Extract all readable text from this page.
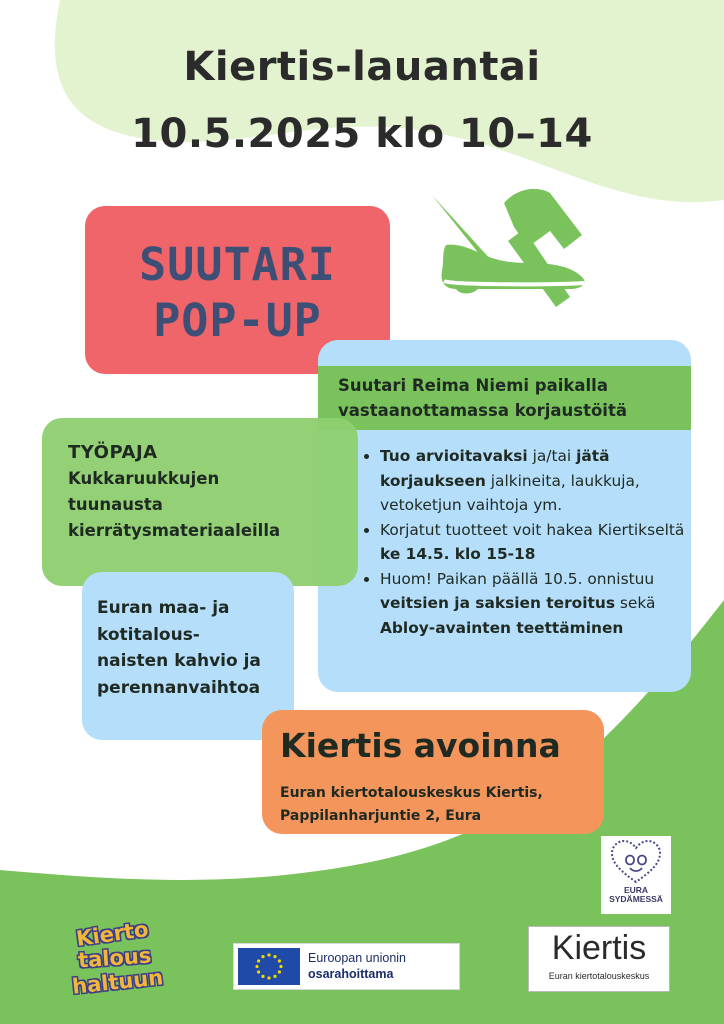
Kiertis-lauantai
10.5.2025 klo 10–14
SUUTARI
POP-UP
Suutari Reima Niemi paikalla
vastaanottamassa korjaustöitä
• Tuo arvioitavaksi ja/tai jätä korjaukseen jalkineita, laukkuja, vetoketjun vaihtoja ym.
• Korjatut tuotteet voit hakea Kiertikseltä ke 14.5. klo 15-18
• Huom! Paikan päällä 10.5. onnistuu veitsien ja saksien teroitus sekä Abloy-avainten teettäminen
TYÖPAJA
Kukkaruukkujen
tuunausta
kierrätysmateriaaleilla
Euran maa- ja
kotitalous-
naisten kahvio ja
perennanvaihtoa
Kiertis avoinna
Euran kiertotalouskeskus Kiertis,
Pappilanharjuntie 2, Eura
EURA
SYDÄMESSÄ
Kierto
talous
haltuun
Euroopan unionin
osarahoittama
Kiertis
Euran kiertotalouskeskus
